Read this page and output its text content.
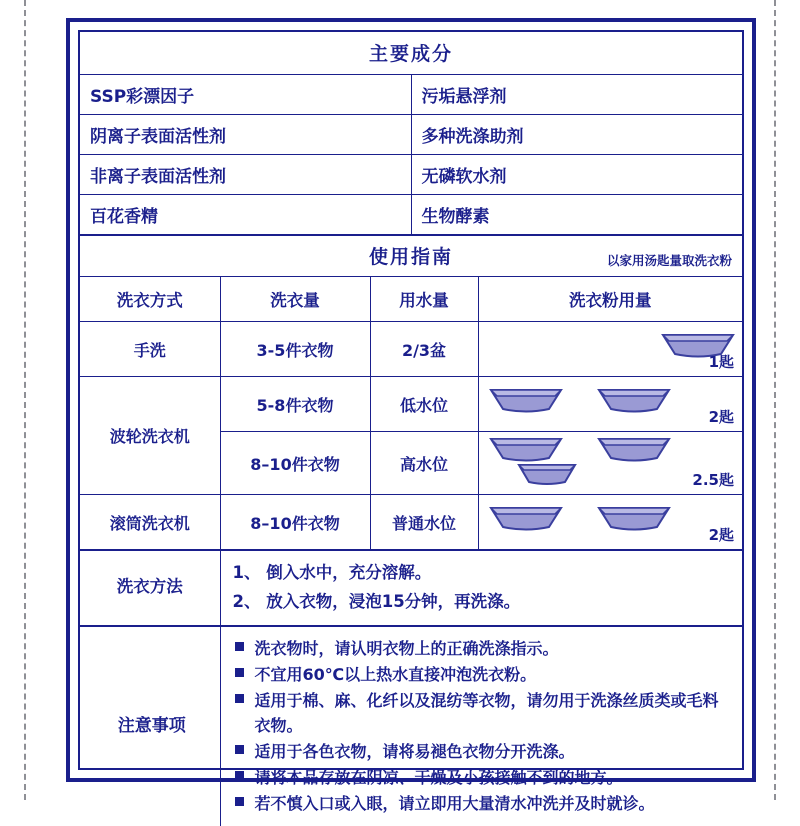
主要成分
SSP彩漂因子	污垢悬浮剂
阴离子表面活性剂	多种洗涤助剂
非离子表面活性剂	无磷软水剂
百花香精	生物酵素
使用指南	以家用汤匙量取洗衣粉
洗衣方式	洗衣量	用水量	洗衣粉用量
手洗	3-5件衣物	2/3盆	1匙

波轮洗衣机	5-8件衣物	低水位	2匙

	8–10件衣物	高水位	2.5匙

滚筒洗衣机	8–10件衣物	普通水位	2匙
洗衣方法	
1、 倒入水中，充分溶解。
2、 放入衣物，浸泡15分钟，再洗涤。
注意事项	
洗衣物时，请认明衣物上的正确洗涤指示。
不宜用60℃以上热水直接冲泡洗衣粉。
适用于棉、麻、化纤以及混纺等衣物，请勿用于洗涤丝质类或毛料衣物。
适用于各色衣物，请将易褪色衣物分开洗涤。
请将本品存放在阴凉、干燥及小孩接触不到的地方。
若不慎入口或入眼，请立即用大量清水冲洗并及时就诊。
